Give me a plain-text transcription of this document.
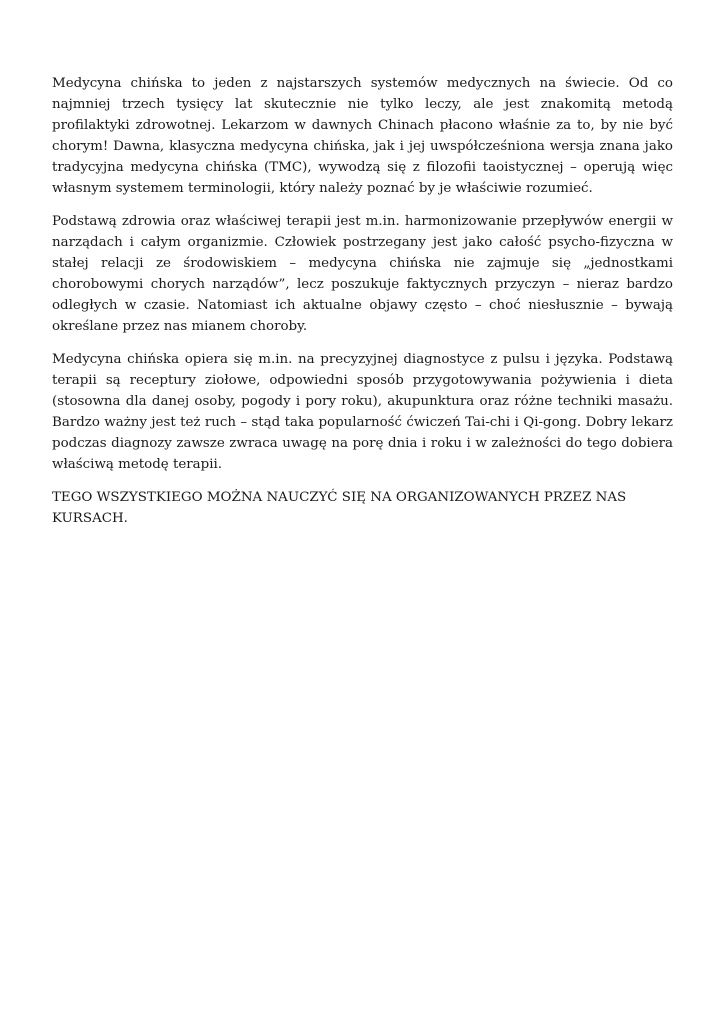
Medycyna chińska to jeden z najstarszych systemów medycznych na świecie. Od co najmniej trzech tysięcy lat skutecznie nie tylko leczy, ale jest znakomitą metodą profilaktyki zdrowotnej. Lekarzom w dawnych Chinach płacono właśnie za to, by nie być chorym! Dawna, klasyczna medycyna chińska, jak i jej uwspółcześniona wersja znana jako tradycyjna medycyna chińska (TMC), wywodzą się z filozofii taoistycznej – operują więc własnym systemem terminologii, który należy poznać by je właściwie rozumieć.

Podstawą zdrowia oraz właściwej terapii jest m.in. harmonizowanie przepływów energii w narządach i całym organizmie. Człowiek postrzegany jest jako całość psycho-fizyczna w stałej relacji ze środowiskiem – medycyna chińska nie zajmuje się „jednostkami chorobowymi chorych narządów”, lecz poszukuje faktycznych przyczyn – nieraz bardzo odległych w czasie. Natomiast ich aktualne objawy często – choć niesłusznie – bywają określane przez nas mianem choroby.

Medycyna chińska opiera się m.in. na precyzyjnej diagnostyce z pulsu i języka. Podstawą terapii są receptury ziołowe, odpowiedni sposób przygotowywania pożywienia i dieta (stosowna dla danej osoby, pogody i pory roku), akupunktura oraz różne techniki masażu. Bardzo ważny jest też ruch – stąd taka popularność ćwiczeń Tai-chi i Qi-gong. Dobry lekarz podczas diagnozy zawsze zwraca uwagę na porę dnia i roku i w zależności do tego dobiera właściwą metodę terapii.

TEGO WSZYSTKIEGO MOŻNA NAUCZYĆ SIĘ NA ORGANIZOWANYCH PRZEZ NAS KURSACH.
